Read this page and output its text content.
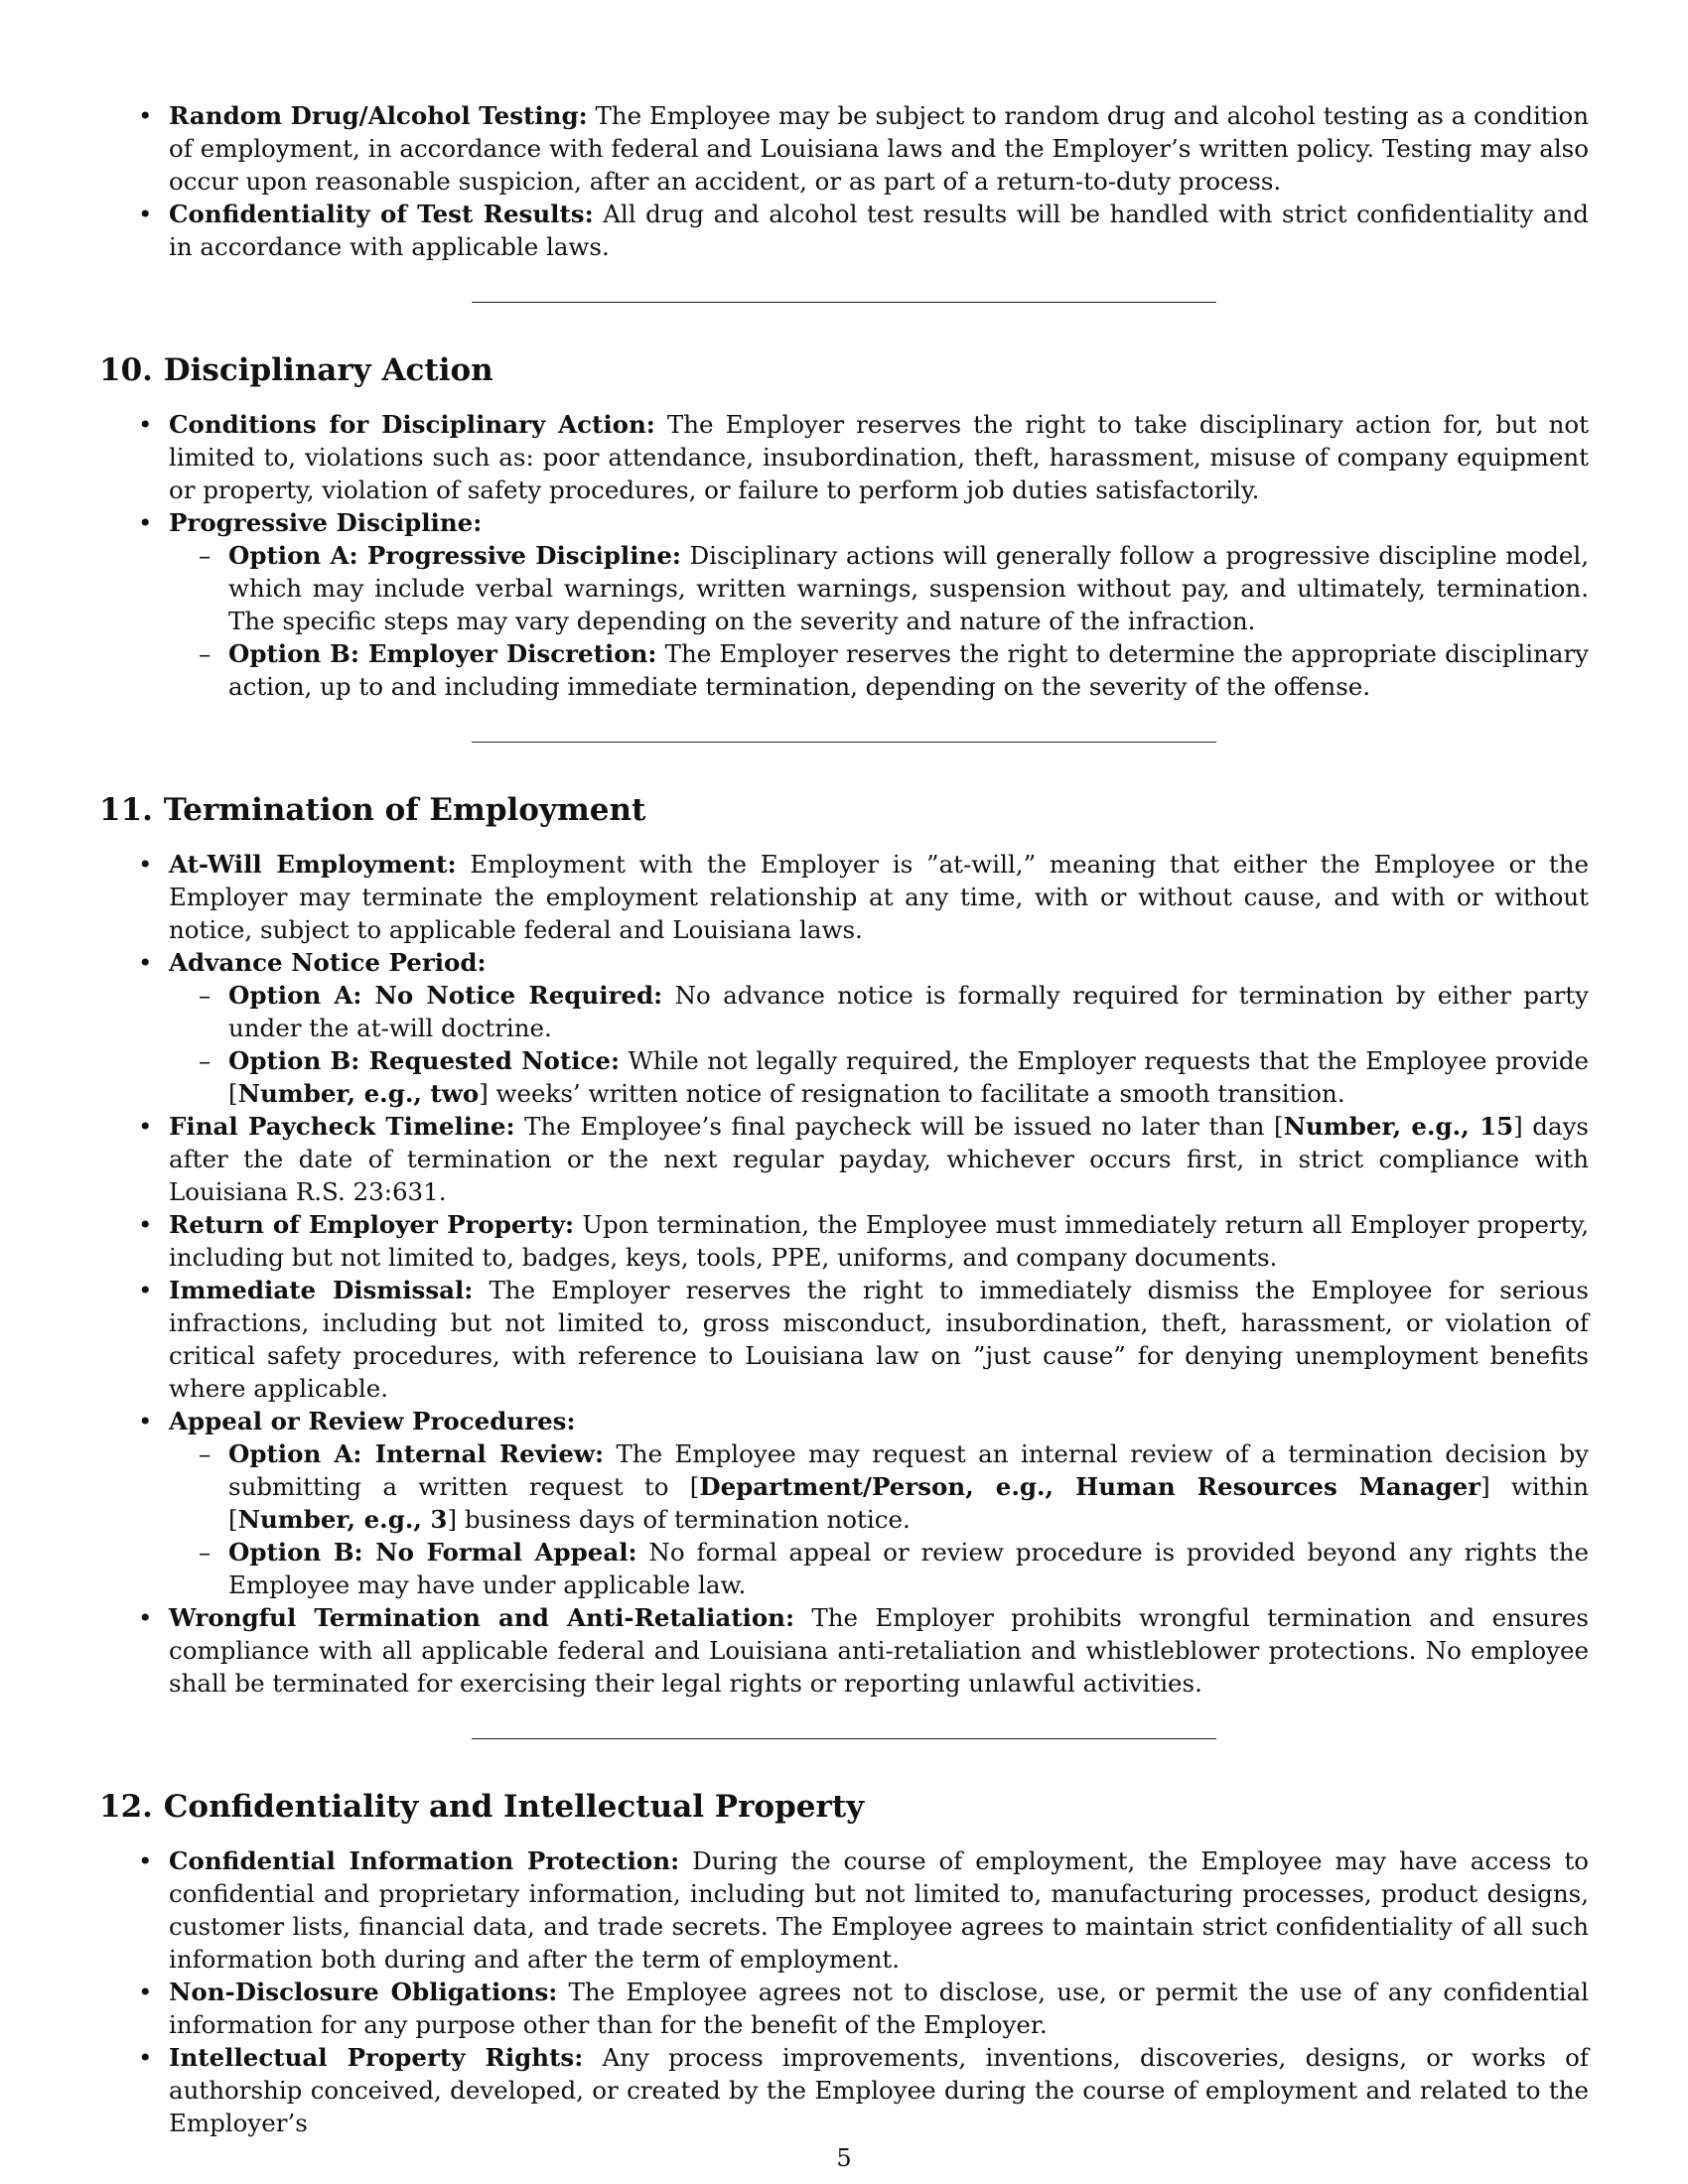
• Random Drug/Alcohol Testing: The Employee may be subject to random drug and alcohol testing as a condition of employment, in accordance with federal and Louisiana laws and the Employer’s written policy. Testing may also occur upon reasonable suspicion, after an accident, or as part of a return-to-duty process.
• Confidentiality of Test Results: All drug and alcohol test results will be handled with strict confidentiality and in accordance with applicable laws.
10. Disciplinary Action
• Conditions for Disciplinary Action: The Employer reserves the right to take disciplinary action for, but not limited to, violations such as: poor attendance, insubordination, theft, harassment, misuse of company equipment or property, violation of safety procedures, or failure to perform job duties satisfactorily.
• Progressive Discipline:
– Option A: Progressive Discipline: Disciplinary actions will generally follow a progressive discipline model, which may include verbal warnings, written warnings, suspension without pay, and ultimately, termination. The specific steps may vary depending on the severity and nature of the infraction.
– Option B: Employer Discretion: The Employer reserves the right to determine the appropriate disciplinary action, up to and including immediate termination, depending on the severity of the offense.
11. Termination of Employment
• At-Will Employment: Employment with the Employer is ”at-will,” meaning that either the Employee or the Employer may terminate the employment relationship at any time, with or without cause, and with or without notice, subject to applicable federal and Louisiana laws.
• Advance Notice Period:
– Option A: No Notice Required: No advance notice is formally required for termination by either party under the at-will doctrine.
– Option B: Requested Notice: While not legally required, the Employer requests that the Employee provide [Number, e.g., two] weeks’ written notice of resignation to facilitate a smooth transition.
• Final Paycheck Timeline: The Employee’s final paycheck will be issued no later than [Number, e.g., 15] days after the date of termination or the next regular payday, whichever occurs first, in strict compliance with Louisiana R.S. 23:631.
• Return of Employer Property: Upon termination, the Employee must immediately return all Employer property, including but not limited to, badges, keys, tools, PPE, uniforms, and company documents.
• Immediate Dismissal: The Employer reserves the right to immediately dismiss the Employee for serious infractions, including but not limited to, gross misconduct, insubordination, theft, harassment, or violation of critical safety procedures, with reference to Louisiana law on ”just cause” for denying unemployment benefits where applicable.
• Appeal or Review Procedures:
– Option A: Internal Review: The Employee may request an internal review of a termination decision by submitting a written request to [Department/Person, e.g., Human Resources Manager] within [Number, e.g., 3] business days of termination notice.
– Option B: No Formal Appeal: No formal appeal or review procedure is provided beyond any rights the Employee may have under applicable law.
• Wrongful Termination and Anti-Retaliation: The Employer prohibits wrongful termination and ensures compliance with all applicable federal and Louisiana anti-retaliation and whistleblower protections. No employee shall be terminated for exercising their legal rights or reporting unlawful activities.
12. Confidentiality and Intellectual Property
• Confidential Information Protection: During the course of employment, the Employee may have access to confidential and proprietary information, including but not limited to, manufacturing processes, product designs, customer lists, financial data, and trade secrets. The Employee agrees to maintain strict confidentiality of all such information both during and after the term of employment.
• Non-Disclosure Obligations: The Employee agrees not to disclose, use, or permit the use of any confidential information for any purpose other than for the benefit of the Employer.
• Intellectual Property Rights: Any process improvements, inventions, discoveries, designs, or works of authorship conceived, developed, or created by the Employee during the course of employment and related to the Employer’s
5
